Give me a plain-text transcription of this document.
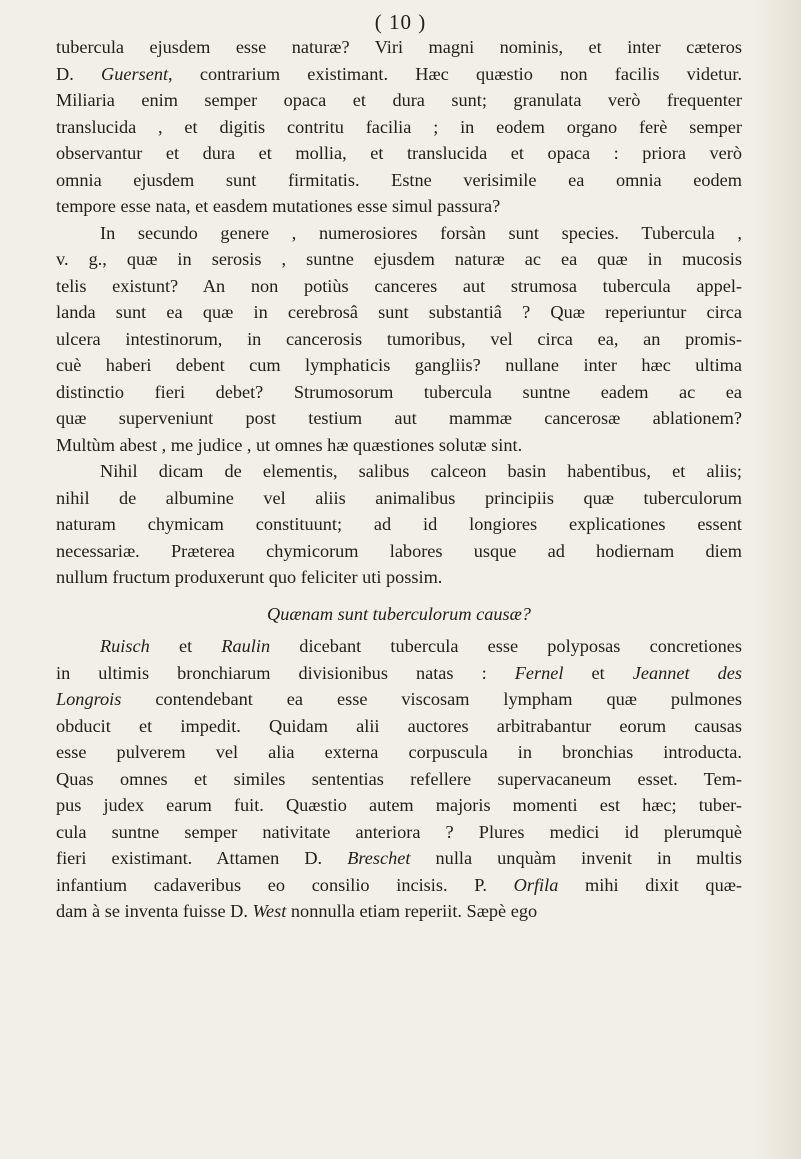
( 10 )
tubercula ejusdem esse naturæ? Viri magni nominis, et inter cæteros
D. Guersent, contrarium existimant. Hæc quæstio non facilis videtur.
Miliaria enim semper opaca et dura sunt; granulata verò frequenter
translucida , et digitis contritu facilia ; in eodem organo ferè semper
observantur et dura et mollia, et translucida et opaca : priora verò
omnia ejusdem sunt firmitatis. Estne verisimile ea omnia eodem
tempore esse nata, et easdem mutationes esse simul passura?
In secundo genere , numerosiores forsàn sunt species. Tubercula ,
v. g., quæ in serosis , suntne ejusdem naturæ ac ea quæ in mucosis
telis existunt? An non potiùs canceres aut strumosa tubercula appel-
landa sunt ea quæ in cerebrosâ sunt substantiâ ? Quæ reperiuntur circa
ulcera intestinorum, in cancerosis tumoribus, vel circa ea, an promis-
cuè haberi debent cum lymphaticis gangliis? nullane inter hæc ultima
distinctio fieri debet? Strumosorum tubercula suntne eadem ac ea
quæ superveniunt post testium aut mammæ cancerosæ ablationem?
Multùm abest , me judice , ut omnes hæ quæstiones solutæ sint.
Nihil dicam de elementis, salibus calceon basin habentibus, et aliis;
nihil de albumine vel aliis animalibus principiis quæ tuberculorum
naturam chymicam constituunt; ad id longiores explicationes essent
necessariæ. Præterea chymicorum labores usque ad hodiernam diem
nullum fructum produxerunt quo feliciter uti possim.
Quænam sunt tuberculorum causæ?
Ruisch et Raulin dicebant tubercula esse polyposas concretiones
in ultimis bronchiarum divisionibus natas : Fernel et Jeannet des
Longrois contendebant ea esse viscosam lympham quæ pulmones
obducit et impedit. Quidam alii auctores arbitrabantur eorum causas
esse pulverem vel alia externa corpuscula in bronchias introducta.
Quas omnes et similes sententias refellere supervacaneum esset. Tem-
pus judex earum fuit. Quæstio autem majoris momenti est hæc; tuber-
cula suntne semper nativitate anteriora ? Plures medici id plerumquè
fieri existimant. Attamen D. Breschet nulla unquàm invenit in multis
infantium cadaveribus eo consilio incisis. P. Orfila mihi dixit quæ-
dam à se inventa fuisse D. West nonnulla etiam reperiit. Sæpè ego
